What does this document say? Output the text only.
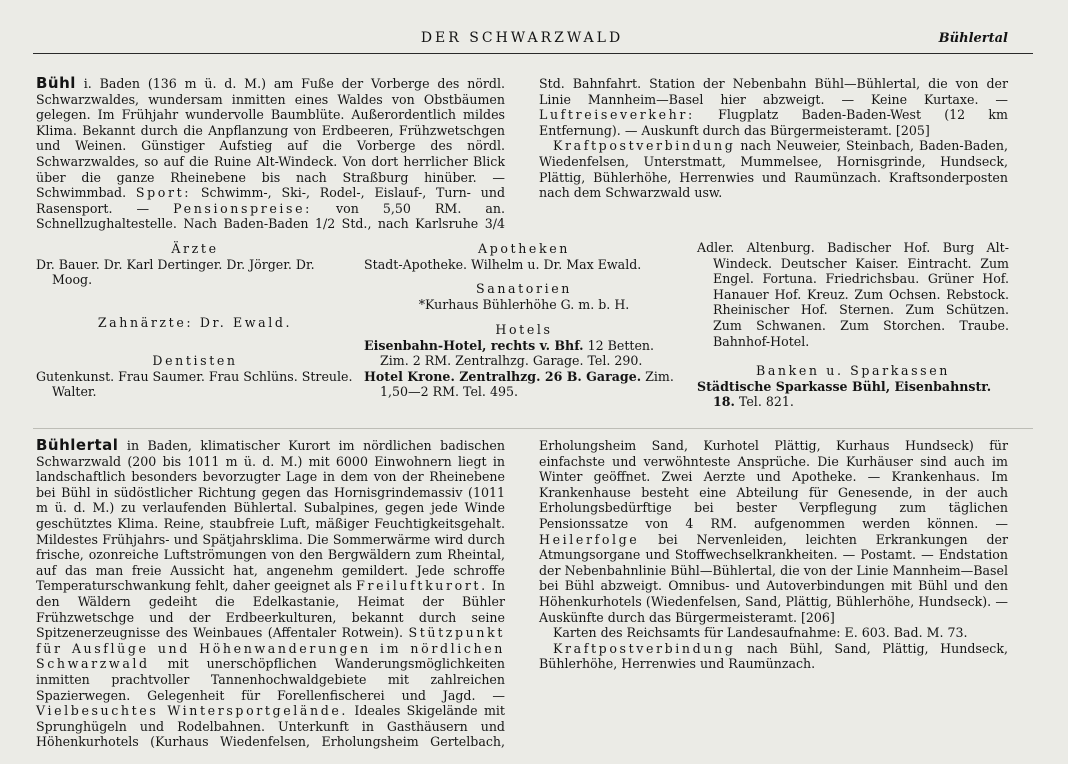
DER SCHWARZWALD	Bühlertal

Bühl i. Baden (136 m ü. d. M.) am Fuße der Vorberge des nördl. Schwarzwaldes, wundersam inmitten eines Waldes von Obstbäumen gelegen. Im Frühjahr wundervolle Baumblüte. Außerordentlich mildes Klima. Bekannt durch die Anpflanzung von Erdbeeren, Frühzwetschgen und Weinen. Günstiger Aufstieg auf die Vorberge des nördl. Schwarzwaldes, so auf die Ruine Alt-Windeck. Von dort herrlicher Blick über die ganze Rheinebene bis nach Straßburg hinüber. — Schwimmbad. Sport: Schwimm-, Ski-, Rodel-, Eislauf-, Turn- und Rasensport. — Pensionspreise: von 5,50 RM. an. Schnellzughaltestelle. Nach Baden-Baden 1/2 Std., nach Karlsruhe 3/4 Std. Bahnfahrt. Station der Nebenbahn Bühl—Bühlertal, die von der Linie Mannheim—Basel hier abzweigt. — Keine Kurtaxe. — Luftreiseverkehr: Flugplatz Baden-Baden-West (12 km Entfernung). — Auskunft durch das Bürgermeisteramt. [205]

Kraftpostverbindung nach Neuweier, Steinbach, Baden-Baden, Wiedenfelsen, Unterstmatt, Mummelsee, Hornisgrinde, Hundseck, Plättig, Bühlerhöhe, Herrenwies und Raumünzach. Kraftsonderposten nach dem Schwarzwald usw.

Ärzte

Dr. Bauer. Dr. Karl Dertinger. Dr. Jörger. Dr. Moog.

Zahnärzte: Dr. Ewald.

Dentisten

Gutenkunst. Frau Saumer. Frau Schlüns. Streule. Walter.

Apotheken

Stadt-Apotheke. Wilhelm u. Dr. Max Ewald.

Sanatorien

*Kurhaus Bühlerhöhe G. m. b. H.

Hotels

Eisenbahn-Hotel, rechts v. Bhf. 12 Betten. Zim. 2 RM. Zentralhzg. Garage. Tel. 290.

Hotel Krone. Zentralhzg. 26 B. Garage. Zim. 1,50—2 RM. Tel. 495.

Adler. Altenburg. Badischer Hof. Burg Alt-Windeck. Deutscher Kaiser. Eintracht. Zum Engel. Fortuna. Friedrichsbau. Grüner Hof. Hanauer Hof. Kreuz. Zum Ochsen. Rebstock. Rheinischer Hof. Sternen. Zum Schützen. Zum Schwanen. Zum Storchen. Traube. Bahnhof-Hotel.

Banken u. Sparkassen

Städtische Sparkasse Bühl, Eisenbahnstr. 18. Tel. 821.

Bühlertal in Baden, klimatischer Kurort im nördlichen badischen Schwarzwald (200 bis 1011 m ü. d. M.) mit 6000 Einwohnern liegt in landschaftlich besonders bevorzugter Lage in dem von der Rheinebene bei Bühl in südöstlicher Richtung gegen das Hornisgrindemassiv (1011 m ü. d. M.) zu verlaufenden Bühlertal. Subalpines, gegen jede Winde geschütztes Klima. Reine, staubfreie Luft, mäßiger Feuchtigkeitsgehalt. Mildestes Frühjahrs- und Spätjahrsklima. Die Sommerwärme wird durch frische, ozonreiche Luftströmungen von den Bergwäldern zum Rheintal, auf das man freie Aussicht hat, angenehm gemildert. Jede schroffe Temperaturschwankung fehlt, daher geeignet als Freiluftkurort. In den Wäldern gedeiht die Edelkastanie, Heimat der Bühler Frühzwetschge und der Erdbeerkulturen, bekannt durch seine Spitzenerzeugnisse des Weinbaues (Affentaler Rotwein). Stützpunkt für Ausflüge und Höhenwanderungen im nördlichen Schwarzwald mit unerschöpflichen Wanderungsmöglichkeiten inmitten prachtvoller Tannenhochwaldgebiete mit zahlreichen Spazierwegen. Gelegenheit für Forellenfischerei und Jagd. — Vielbesuchtes Wintersportgelände. Ideales Skigelände mit Sprunghügeln und Rodelbahnen. Unterkunft in Gasthäusern und Höhenkurhotels (Kurhaus Wiedenfelsen, Erholungsheim Gertelbach, Erholungsheim Sand, Kurhotel Plättig, Kurhaus Hundseck) für einfachste und verwöhnteste Ansprüche. Die Kurhäuser sind auch im Winter geöffnet. Zwei Aerzte und Apotheke. — Krankenhaus. Im Krankenhause besteht eine Abteilung für Genesende, in der auch Erholungsbedürftige bei bester Verpflegung zum täglichen Pensionssatze von 4 RM. aufgenommen werden können. — Heilerfolge bei Nervenleiden, leichten Erkrankungen der Atmungsorgane und Stoffwechselkrankheiten. — Postamt. — Endstation der Nebenbahnlinie Bühl—Bühlertal, die von der Linie Mannheim—Basel bei Bühl abzweigt. Omnibus- und Autoverbindungen mit Bühl und den Höhenkurhotels (Wiedenfelsen, Sand, Plättig, Bühlerhöhe, Hundseck). — Auskünfte durch das Bürgermeisteramt. [206]

Karten des Reichsamts für Landesaufnahme: E. 603. Bad. M. 73.

Kraftpostverbindung nach Bühl, Sand, Plättig, Hundseck, Bühlerhöhe, Herrenwies und Raumünzach.
